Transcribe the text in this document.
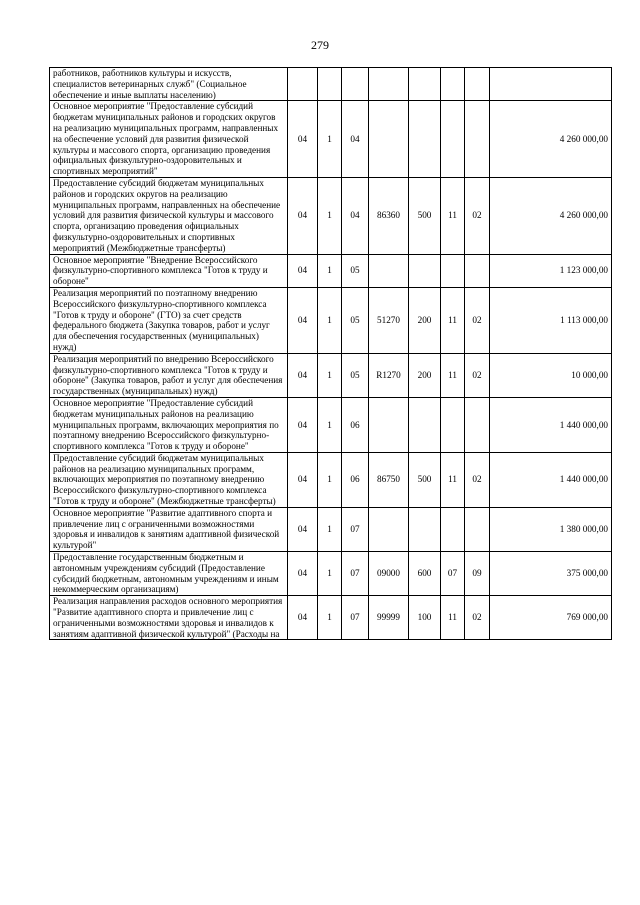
279
работников, работников культуры и искусств, специалистов ветеринарных служб" (Социальное обеспечение и иные выплаты населению)								
Основное мероприятие "Предоставление субсидий бюджетам муниципальных районов и городских округов на реализацию муниципальных программ, направленных на обеспечение условий для развития физической культуры и массового спорта, организацию проведения официальных физкультурно-оздоровительных и спортивных мероприятий"	04	1	04					4 260 000,00
Предоставление субсидий бюджетам муниципальных районов и городских округов на реализацию муниципальных программ, направленных на обеспечение условий для развития физической культуры и массового спорта, организацию проведения официальных физкультурно-оздоровительных и спортивных мероприятий (Межбюджетные трансферты)	04	1	04	86360	500	11	02	4 260 000,00
Основное мероприятие "Внедрение Всероссийского физкультурно-спортивного комплекса "Готов к труду и обороне"	04	1	05					1 123 000,00
Реализация мероприятий по поэтапному внедрению Всероссийского физкультурно-спортивного комплекса "Готов к труду и обороне" (ГТО) за счет средств федерального бюджета (Закупка товаров, работ и услуг для обеспечения государственных (муниципальных) нужд)	04	1	05	51270	200	11	02	1 113 000,00
Реализация мероприятий по внедрению Всероссийского физкультурно-спортивного комплекса "Готов к труду и обороне" (Закупка товаров, работ и услуг для обеспечения государственных (муниципальных) нужд)	04	1	05	R1270	200	11	02	10 000,00
Основное мероприятие "Предоставление субсидий бюджетам муниципальных районов на реализацию муниципальных программ, включающих мероприятия по поэтапному внедрению Всероссийского физкультурно-спортивного комплекса "Готов к труду и обороне"	04	1	06					1 440 000,00
Предоставление субсидий бюджетам муниципальных районов на реализацию муниципальных программ, включающих мероприятия по поэтапному внедрению Всероссийского физкультурно-спортивного комплекса "Готов к труду и обороне" (Межбюджетные трансферты)	04	1	06	86750	500	11	02	1 440 000,00
Основное мероприятие "Развитие адаптивного спорта и привлечение лиц с ограниченными возможностями здоровья и инвалидов к занятиям адаптивной физической культурой"	04	1	07					1 380 000,00
Предоставление государственным бюджетным и автономным учреждениям субсидий (Предоставление субсидий бюджетным, автономным учреждениям и иным некоммерческим организациям)	04	1	07	09000	600	07	09	375 000,00
Реализация направления расходов основного мероприятия "Развитие адаптивного спорта и привлечение лиц с ограниченными возможностями здоровья и инвалидов к занятиям адаптивной физической культурой" (Расходы на	04	1	07	99999	100	11	02	769 000,00
